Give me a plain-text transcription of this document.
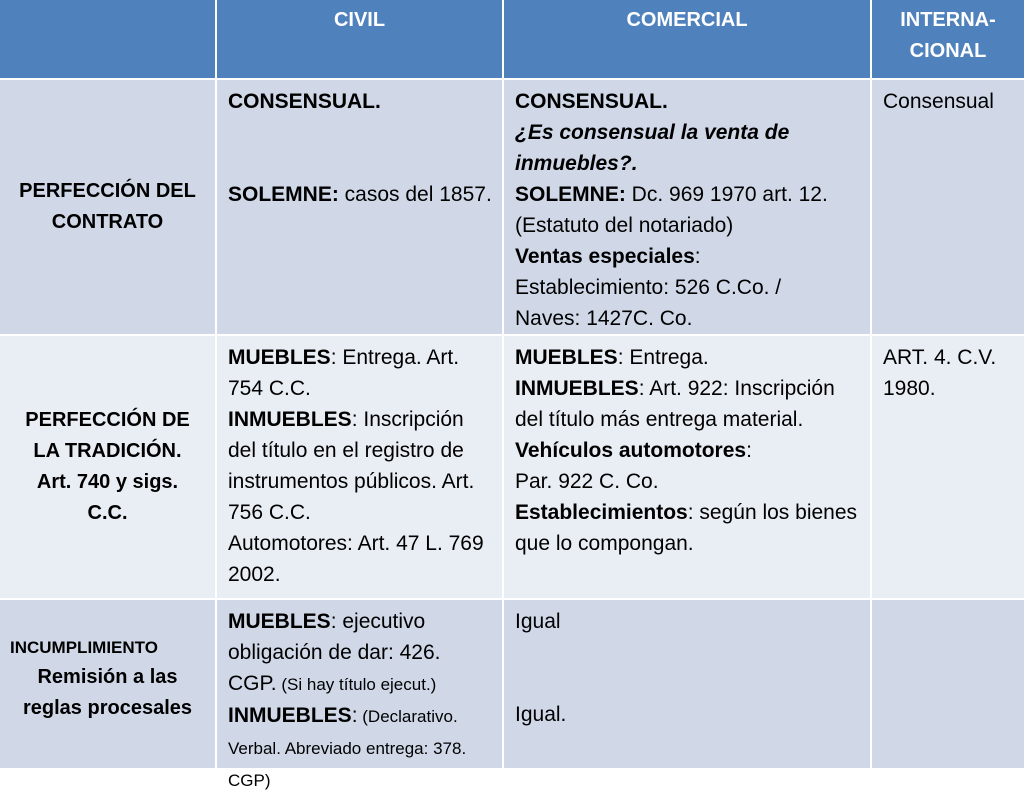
CIVIL	COMERCIAL	INTERNA-
CIONAL
PERFECCIÓN DEL
CONTRATO
CONSENSUAL.
SOLEMNE: casos del 1857.
CONSENSUAL.
¿Es consensual la venta de inmuebles?.
SOLEMNE: Dc. 969 1970 art. 12. (Estatuto del notariado)
Ventas especiales:
Establecimiento: 526 C.Co. /
Naves: 1427C. Co.
Consensual
PERFECCIÓN DE
LA TRADICIÓN.
Art. 740 y sigs.
C.C.
MUEBLES: Entrega. Art. 754 C.C.
INMUEBLES: Inscripción del título en el registro de instrumentos públicos. Art. 756 C.C.
Automotores: Art. 47 L. 769 2002.
MUEBLES: Entrega.
INMUEBLES: Art. 922: Inscripción del título más entrega material.
Vehículos automotores:
Par. 922 C. Co.
Establecimientos: según los bienes que lo compongan.
ART. 4. C.V. 1980.
INCUMPLIMIENTO
Remisión a las
reglas procesales
MUEBLES: ejecutivo obligación de dar: 426. CGP. (Si hay título ejecut.)
INMUEBLES: (Declarativo. Verbal. Abreviado entrega: 378. CGP)
Igual
Igual.
